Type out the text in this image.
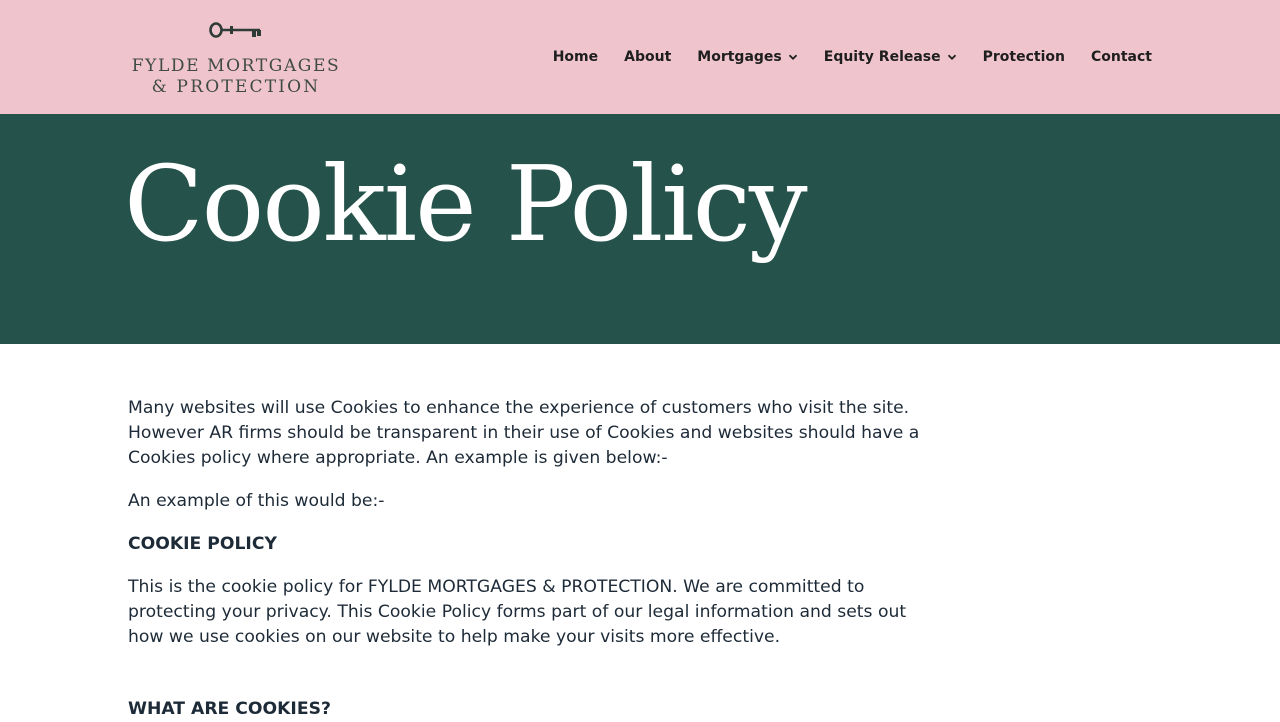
FYLDE MORTGAGES
& PROTECTION
Home About Mortgages	Equity Release	Protection Contact
Cookie Policy

Many websites will use Cookies to enhance the experience of customers who visit the site. However AR firms should be transparent in their use of Cookies and websites should have a Cookies policy where appropriate. An example is given below:-

An example of this would be:-

COOKIE POLICY

This is the cookie policy for FYLDE MORTGAGES & PROTECTION. We are committed to protecting your privacy. This Cookie Policy forms part of our legal information and sets out how we use cookies on our website to help make your visits more effective.

WHAT ARE COOKIES?
